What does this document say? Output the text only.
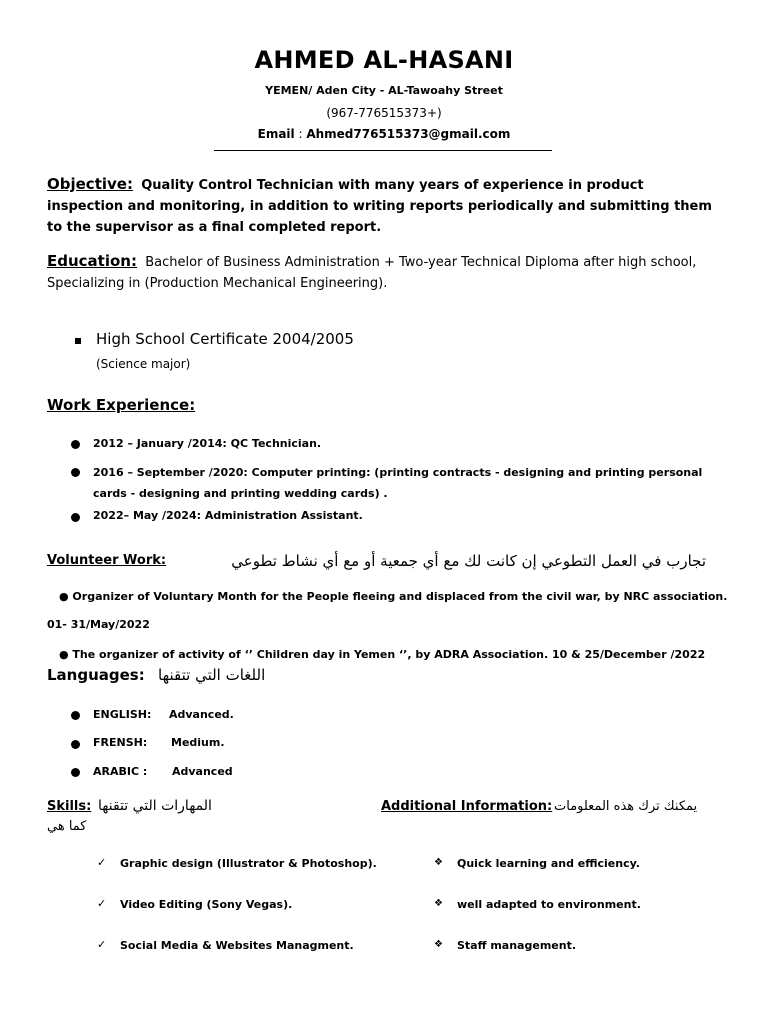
AHMED AL-HASANI
YEMEN/ Aden City - AL-Tawoahy Street
(967-776515373+)
Email : Ahmed776515373@gmail.com
Objective: Quality Control Technician with many years of experience in product inspection and monitoring, in addition to writing reports periodically and submitting them to the supervisor as a final completed report.
Education: Bachelor of Business Administration + Two-year Technical Diploma after high school, Specializing in (Production Mechanical Engineering).
High School Certificate 2004/2005
(Science major)
Work Experience:
2012 – January /2014: QC Technician.
2016 – September /2020: Computer printing: (printing contracts - designing and printing personal cards - designing and printing wedding cards) .
2022– May /2024: Administration Assistant.
Volunteer Work:	تجارب في العمل التطوعي إن كانت لك مع أي جمعية أو مع أي نشاط تطوعي
● Organizer of Voluntary Month for the People fleeing and displaced from the civil war, by NRC association.
01- 31/May/2022
● The organizer of activity of ‘’ Children day in Yemen ‘’, by ADRA Association. 10 & 25/December /2022
Languages: اللغات التي تتقنها
ENGLISH: Advanced.
FRENSH: Medium.
ARABIC : Advanced
Skills: المهارات التي تتقنها
كما هي
Additional Information: يمكنك ترك هذه المعلومات
✓ Graphic design (Illustrator & Photoshop).
✓ Video Editing (Sony Vegas).
✓ Social Media & Websites Managment.
❖ Quick learning and efficiency.
❖ well adapted to environment.
❖ Staff management.
